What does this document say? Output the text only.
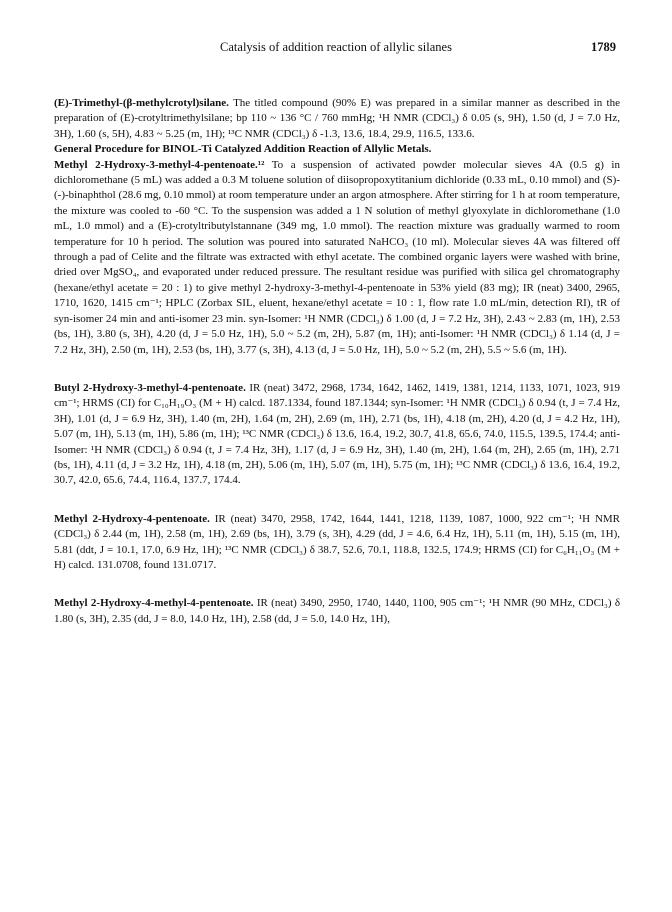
Catalysis of addition reaction of allylic silanes	1789

(E)-Trimethyl-(β-methylcrotyl)silane. The titled compound (90% E) was prepared in a similar manner as described in the preparation of (E)-crotyltrimethylsilane; bp 110 ~ 136 °C / 760 mmHg; ¹H NMR (CDCl₃) δ 0.05 (s, 9H), 1.50 (d, J = 7.0 Hz, 3H), 1.60 (s, 5H), 4.83 ~ 5.25 (m, 1H); ¹³C NMR (CDCl₃) δ -1.3, 13.6, 18.4, 29.9, 116.5, 133.6.

General Procedure for BINOL-Ti Catalyzed Addition Reaction of Allylic Metals.

Methyl 2-Hydroxy-3-methyl-4-pentenoate.¹² To a suspension of activated powder molecular sieves 4A (0.5 g) in dichloromethane (5 mL) was added a 0.3 M toluene solution of diisopropoxytitanium dichloride (0.33 mL, 0.10 mmol) and (S)-(-)-binaphthol (28.6 mg, 0.10 mmol) at room temperature under an argon atmosphere. After stirring for 1 h at room temperature, the mixture was cooled to -60 °C. To the suspension was added a 1 N solution of methyl glyoxylate in dichloromethane (1.0 mL, 1.0 mmol) and a (E)-crotyltributylstannane (349 mg, 1.0 mmol). The reaction mixture was gradually warmed to room temperature for 10 h period. The solution was poured into saturated NaHCO₃ (10 ml). Molecular sieves 4A was filtered off through a pad of Celite and the filtrate was extracted with ethyl acetate. The combined organic layers were washed with brine, dried over MgSO₄, and evaporated under reduced pressure. The resultant residue was purified with silica gel chromatography (hexane/ethyl acetate = 20 : 1) to give methyl 2-hydroxy-3-methyl-4-pentenoate in 53% yield (83 mg); IR (neat) 3400, 2965, 1710, 1620, 1415 cm⁻¹; HPLC (Zorbax SIL, eluent, hexane/ethyl acetate = 10 : 1, flow rate 1.0 mL/min, detection RI), tR of syn-isomer 24 min and anti-isomer 23 min. syn-Isomer: ¹H NMR (CDCl₃) δ 1.00 (d, J = 7.2 Hz, 3H), 2.43 ~ 2.83 (m, 1H), 2.53 (bs, 1H), 3.80 (s, 3H), 4.20 (d, J = 5.0 Hz, 1H), 5.0 ~ 5.2 (m, 2H), 5.87 (m, 1H); anti-Isomer: ¹H NMR (CDCl₃) δ 1.14 (d, J = 7.2 Hz, 3H), 2.50 (m, 1H), 2.53 (bs, 1H), 3.77 (s, 3H), 4.13 (d, J = 5.0 Hz, 1H), 5.0 ~ 5.2 (m, 2H), 5.5 ~ 5.6 (m, 1H).

Butyl 2-Hydroxy-3-methyl-4-pentenoate. IR (neat) 3472, 2968, 1734, 1642, 1462, 1419, 1381, 1214, 1133, 1071, 1023, 919 cm⁻¹; HRMS (CI) for C₁₀H₁₉O₃ (M + H) calcd. 187.1334, found 187.1344; syn-Isomer: ¹H NMR (CDCl₃) δ 0.94 (t, J = 7.4 Hz, 3H), 1.01 (d, J = 6.9 Hz, 3H), 1.40 (m, 2H), 1.64 (m, 2H), 2.69 (m, 1H), 2.71 (bs, 1H), 4.18 (m, 2H), 4.20 (d, J = 4.2 Hz, 1H), 5.07 (m, 1H), 5.13 (m, 1H), 5.86 (m, 1H); ¹³C NMR (CDCl₃) δ 13.6, 16.4, 19.2, 30.7, 41.8, 65.6, 74.0, 115.5, 139.5, 174.4; anti-Isomer: ¹H NMR (CDCl₃) δ 0.94 (t, J = 7.4 Hz, 3H), 1.17 (d, J = 6.9 Hz, 3H), 1.40 (m, 2H), 1.64 (m, 2H), 2.65 (m, 1H), 2.71 (bs, 1H), 4.11 (d, J = 3.2 Hz, 1H), 4.18 (m, 2H), 5.06 (m, 1H), 5.07 (m, 1H), 5.75 (m, 1H); ¹³C NMR (CDCl₃) δ 13.6, 16.4, 19.2, 30.7, 42.0, 65.6, 74.4, 116.4, 137.7, 174.4.

Methyl 2-Hydroxy-4-pentenoate. IR (neat) 3470, 2958, 1742, 1644, 1441, 1218, 1139, 1087, 1000, 922 cm⁻¹; ¹H NMR (CDCl₃) δ 2.44 (m, 1H), 2.58 (m, 1H), 2.69 (bs, 1H), 3.79 (s, 3H), 4.29 (dd, J = 4.6, 6.4 Hz, 1H), 5.11 (m, 1H), 5.15 (m, 1H), 5.81 (ddt, J = 10.1, 17.0, 6.9 Hz, 1H); ¹³C NMR (CDCl₃) δ 38.7, 52.6, 70.1, 118.8, 132.5, 174.9; HRMS (CI) for C₆H₁₁O₃ (M + H) calcd. 131.0708, found 131.0717.

Methyl 2-Hydroxy-4-methyl-4-pentenoate. IR (neat) 3490, 2950, 1740, 1440, 1100, 905 cm⁻¹; ¹H NMR (90 MHz, CDCl₃) δ 1.80 (s, 3H), 2.35 (dd, J = 8.0, 14.0 Hz, 1H), 2.58 (dd, J = 5.0, 14.0 Hz, 1H),
